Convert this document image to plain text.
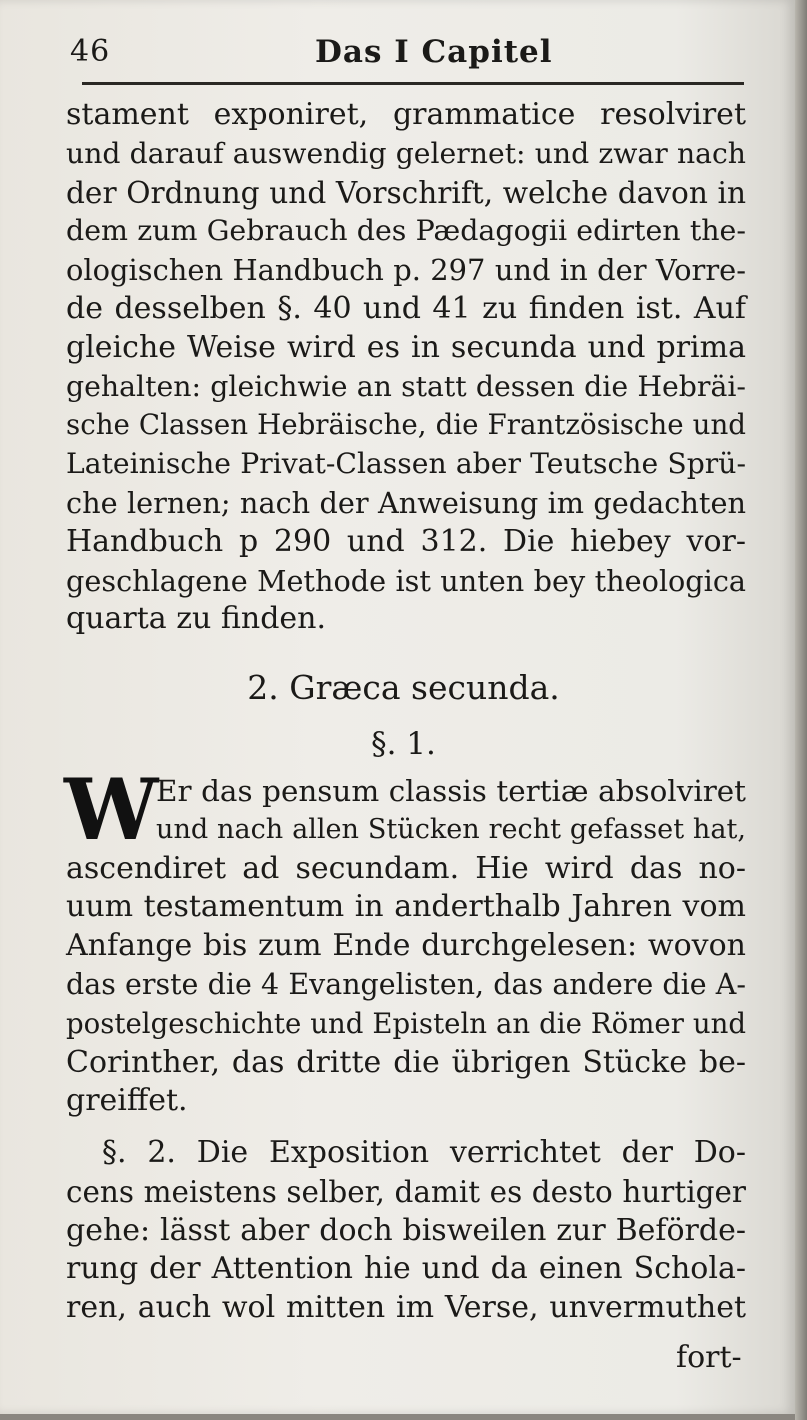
46	Das I Capitel
stament exponiret, grammatice resolviret
und darauf auswendig gelernet: und zwar nach
der Ordnung und Vorschrift, welche davon in
dem zum Gebrauch des Pædagogii edirten the-
ologischen Handbuch p. 297 und in der Vorre-
de desselben §. 40 und 41 zu finden ist. Auf
gleiche Weise wird es in secunda und prima
gehalten: gleichwie an statt dessen die Hebräi-
sche Classen Hebräische, die Frantzösische und
Lateinische Privat-Classen aber Teutsche Sprü-
che lernen; nach der Anweisung im gedachten
Handbuch p 290 und 312. Die hiebey vor-
geschlagene Methode ist unten bey theologica
quarta zu finden.
2. Græca secunda.
§. 1.
W
Er das pensum classis tertiæ absolviret
und nach allen Stücken recht gefasset hat,
ascendiret ad secundam. Hie wird das no-
uum testamentum in anderthalb Jahren vom
Anfange bis zum Ende durchgelesen: wovon
das erste die 4 Evangelisten, das andere die A-
postelgeschichte und Episteln an die Römer und
Corinther, das dritte die übrigen Stücke be-
greiffet.
§. 2. Die Exposition verrichtet der Do-
cens meistens selber, damit es desto hurtiger
gehe: lässt aber doch bisweilen zur Beförde-
rung der Attention hie und da einen Schola-
ren, auch wol mitten im Verse, unvermuthet
fort-
